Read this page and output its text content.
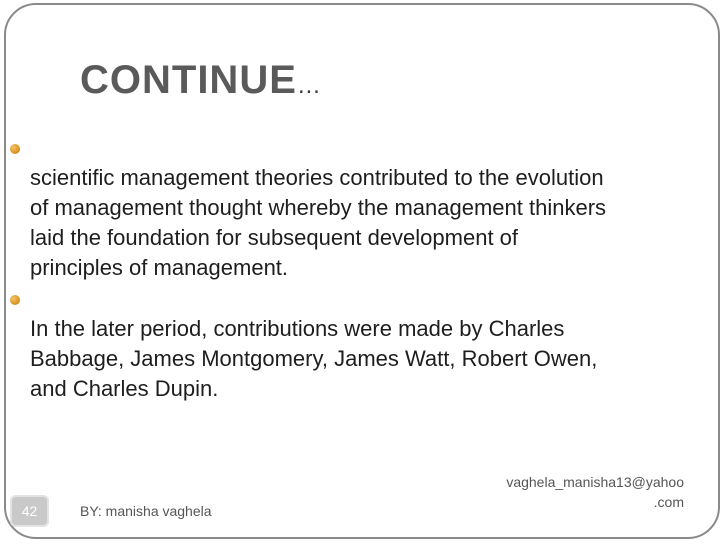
CONTINUE…

scientific management theories contributed to the evolution
of management thought whereby the management thinkers
laid the foundation for subsequent development of
principles of management.

In the later period, contributions were made by Charles
Babbage, James Montgomery, James Watt, Robert Owen,
and Charles Dupin.

42	BY: manisha vaghela
vaghela_manisha13@yahoo
.com
